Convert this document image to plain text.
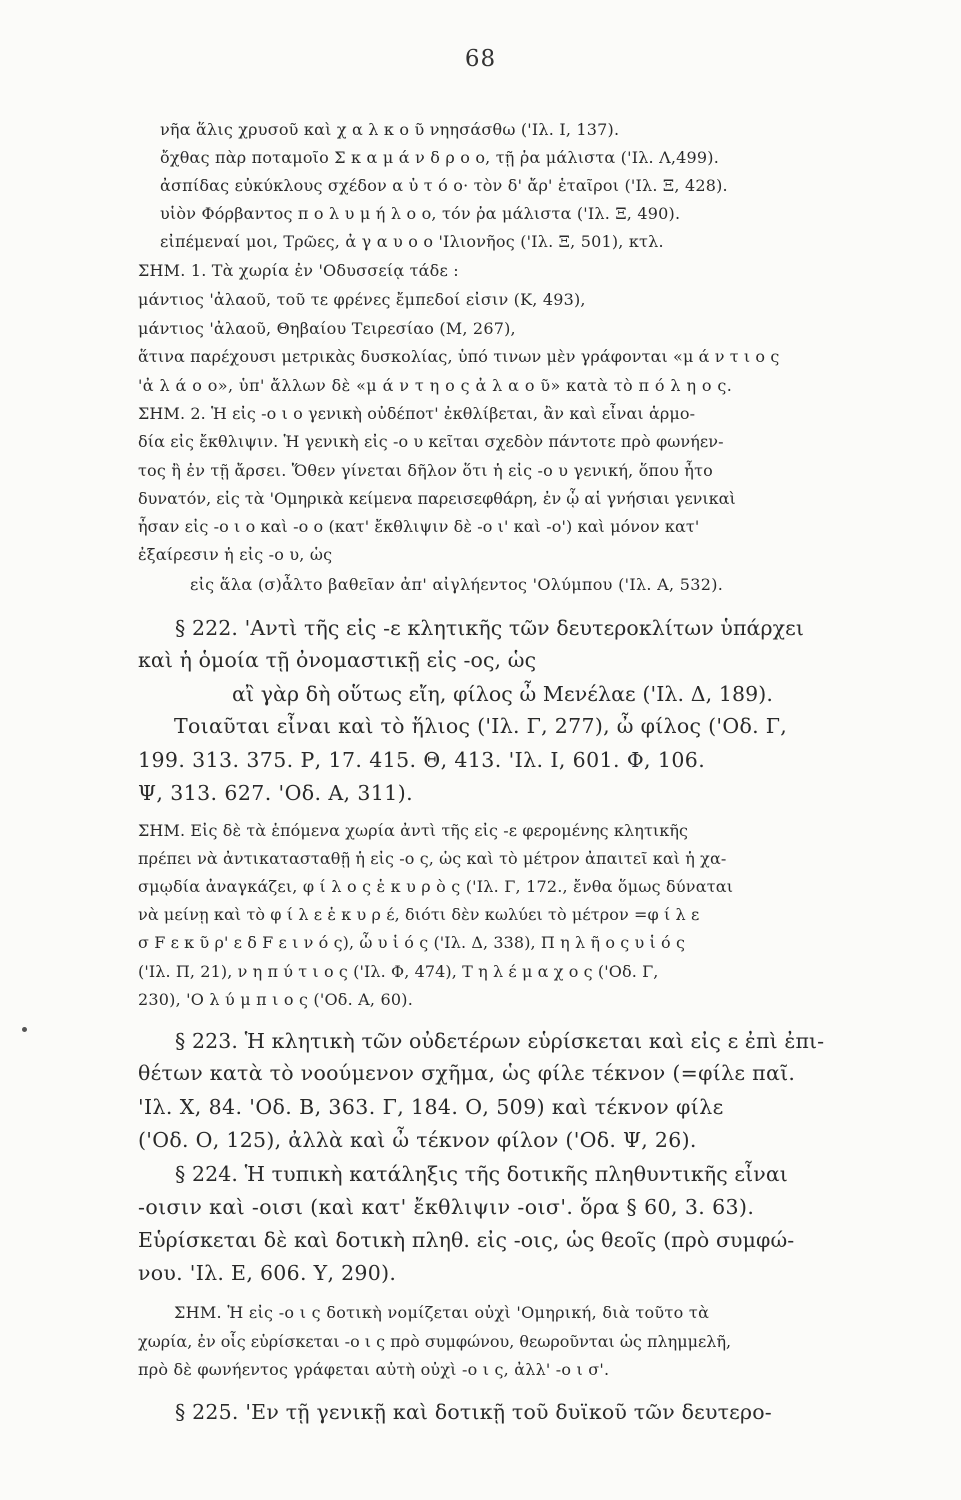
68
νῆα ἅλις χρυσοῦ καὶ χ α λ κ ο ῦ νηησάσθω ('Ιλ. Ι, 137).
ὄχθας πὰρ ποταμοῖο Σ κ α μ ά ν δ ρ ο ο, τῇ ῥα μάλιστα ('Ιλ. Λ,499).
ἀσπίδας εὐκύκλους σχέδον α ὐ τ ό ο· τὸν δ' ἄρ' ἑταῖροι ('Ιλ. Ξ, 428).
υἱὸν Φόρβαντος π ο λ υ μ ή λ ο ο, τόν ῥα μάλιστα ('Ιλ. Ξ, 490).
εἰπέμεναί μοι, Τρῶες, ἀ γ α υ ο ο 'Ιλιονῆος ('Ιλ. Ξ, 501), κτλ.
ΣΗΜ. 1. Τὰ χωρία ἐν 'Οδυσσείᾳ τάδε :
μάντιος 'ἀλαοῦ, τοῦ τε φρένες ἔμπεδοί εἰσιν (Κ, 493),
μάντιος 'ἀλαοῦ, Θηβαίου Τειρεσίαο (Μ, 267),
ἅτινα παρέχουσι μετρικὰς δυσκολίας, ὑπό τινων μὲν γράφονται «μ ά ν τ ι ο ς
'ἀ λ ά ο ο», ὑπ' ἄλλων δὲ «μ ά ν τ η ο ς ἀ λ α ο ῦ» κατὰ τὸ π ό λ η ο ς.
ΣΗΜ. 2. Ἡ εἰς -ο ι ο γενικὴ οὐδέποτ' ἐκθλίβεται, ἂν καὶ εἶναι ἁρμο-
δία εἰς ἔκθλιψιν. Ἡ γενικὴ εἰς -ο υ κεῖται σχεδὸν πάντοτε πρὸ φωνήεν-
τος ἢ ἐν τῇ ἄρσει. Ὅθεν γίνεται δῆλον ὅτι ἡ εἰς -ο υ γενική, ὅπου ἦτο
δυνατόν, εἰς τὰ 'Ομηρικὰ κείμενα παρεισεφθάρη, ἐν ᾧ αἱ γνήσιαι γενικαὶ
ἦσαν εἰς -ο ι ο καὶ -ο ο (κατ' ἔκθλιψιν δὲ -ο ι' καὶ -ο') καὶ μόνον κατ'
ἐξαίρεσιν ἡ εἰς -ο υ, ὡς
εἰς ἅλα (σ)ἆλτο βαθεῖαν ἀπ' αἰγλήεντος 'Ολύμπου ('Ιλ. Α, 532).
§ 222. 'Αντὶ τῆς εἰς -ε κλητικῆς τῶν δευτεροκλίτων ὑπάρχει
καὶ ἡ ὁμοία τῇ ὀνομαστικῇ εἰς -ος, ὡς
αἲ γὰρ δὴ οὕτως εἴη, φίλος ὦ Μενέλαε ('Ιλ. Δ, 189).
Τοιαῦται εἶναι καὶ τὸ ἥλιος ('Ιλ. Γ, 277), ὦ φίλος ('Οδ. Γ,
199. 313. 375. Ρ, 17. 415. Θ, 413. 'Ιλ. Ι, 601. Φ, 106.
Ψ, 313. 627. 'Οδ. Α, 311).
ΣΗΜ. Εἰς δὲ τὰ ἑπόμενα χωρία ἀντὶ τῆς εἰς -ε φερομένης κλητικῆς
πρέπει νὰ ἀντικατασταθῇ ἡ εἰς -ο ς, ὡς καὶ τὸ μέτρον ἀπαιτεῖ καὶ ἡ χα-
σμῳδία ἀναγκάζει, φ ί λ ο ς ἑ κ υ ρ ὸ ς ('Ιλ. Γ, 172., ἔνθα ὅμως δύναται
νὰ μείνῃ καὶ τὸ φ ί λ ε ἑ κ υ ρ έ, διότι δὲν κωλύει τὸ μέτρον =φ ί λ ε
σ F ε κ ῦ ρ' ε δ F ε ι ν ό ς), ὦ υ ἱ ό ς ('Ιλ. Δ, 338), Π η λ ῆ ο ς υ ἱ ό ς
('Ιλ. Π, 21), ν η π ύ τ ι ο ς ('Ιλ. Φ, 474), Τ η λ έ μ α χ ο ς ('Οδ. Γ,
230), 'Ο λ ύ μ π ι ο ς ('Οδ. Α, 60).
§ 223. Ἡ κλητικὴ τῶν οὐδετέρων εὑρίσκεται καὶ εἰς ε ἐπὶ ἐπι-
θέτων κατὰ τὸ νοούμενον σχῆμα, ὡς φίλε τέκνον (=φίλε παῖ.
'Ιλ. Χ, 84. 'Οδ. Β, 363. Γ, 184. Ο, 509) καὶ τέκνον φίλε
('Οδ. Ο, 125), ἀλλὰ καὶ ὦ τέκνον φίλον ('Οδ. Ψ, 26).
§ 224. Ἡ τυπικὴ κατάληξις τῆς δοτικῆς πληθυντικῆς εἶναι
-οισιν καὶ -οισι (καὶ κατ' ἔκθλιψιν -οισ'. ὅρα § 60, 3. 63).
Εὑρίσκεται δὲ καὶ δοτικὴ πληθ. εἰς -οις, ὡς θεοῖς (πρὸ συμφώ-
νου. 'Ιλ. Ε, 606. Υ, 290).
ΣΗΜ. Ἡ εἰς -ο ι ς δοτικὴ νομίζεται οὐχὶ 'Ομηρική, διὰ τοῦτο τὰ
χωρία, ἐν οἷς εὑρίσκεται -ο ι ς πρὸ συμφώνου, θεωροῦνται ὡς πλημμελῆ,
πρὸ δὲ φωνήεντος γράφεται αὐτὴ οὐχὶ -ο ι ς, ἀλλ' -ο ι σ'.
§ 225. 'Εν τῇ γενικῇ καὶ δοτικῇ τοῦ δυϊκοῦ τῶν δευτερο-
